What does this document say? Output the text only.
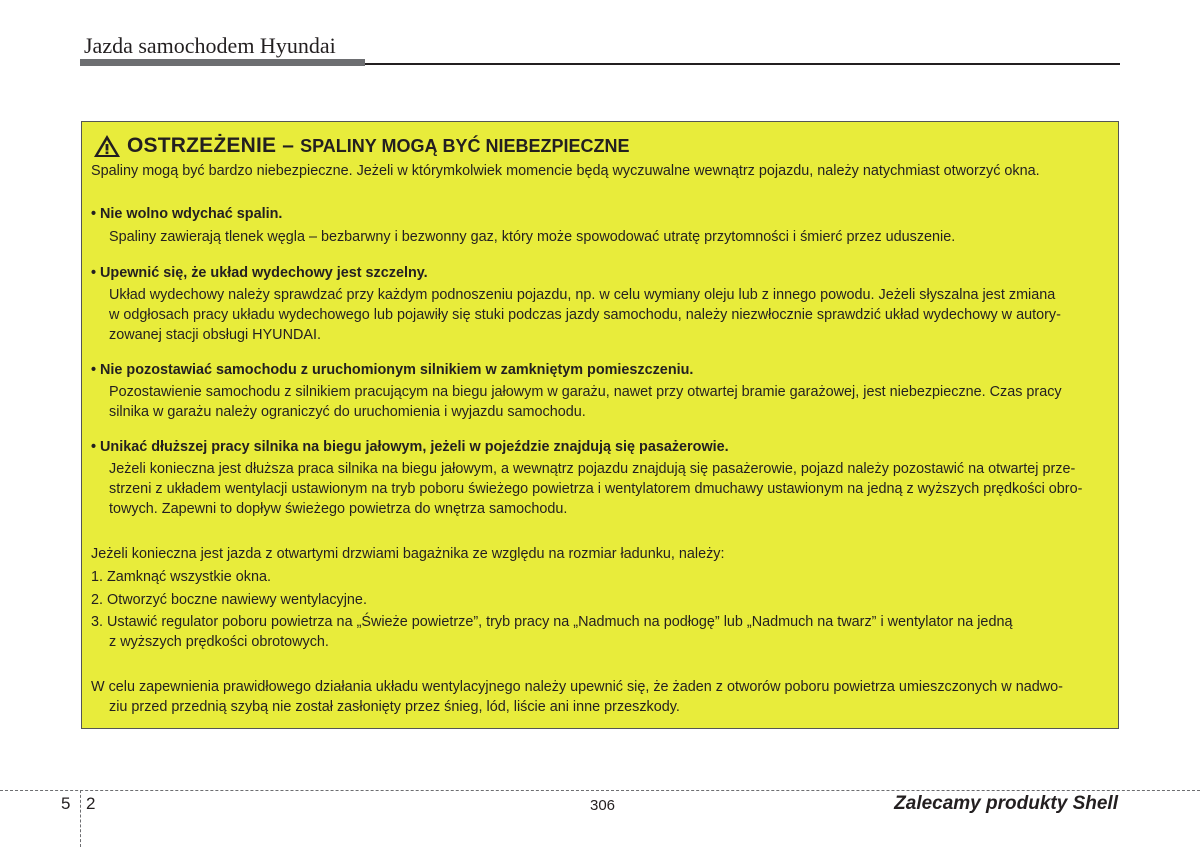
Jazda samochodem Hyundai
OSTRZEŻENIE – SPALINY MOGĄ BYĆ NIEBEZPIECZNE
Spaliny mogą być bardzo niebezpieczne. Jeżeli w którymkolwiek momencie będą wyczuwalne wewnątrz pojazdu, należy natychmiast otworzyć okna.
• Nie wolno wdychać spalin.
Spaliny zawierają tlenek węgla – bezbarwny i bezwonny gaz, który może spowodować utratę przytomności i śmierć przez uduszenie.
• Upewnić się, że układ wydechowy jest szczelny.
Układ wydechowy należy sprawdzać przy każdym podnoszeniu pojazdu, np. w celu wymiany oleju lub z innego powodu. Jeżeli słyszalna jest zmiana
w odgłosach pracy układu wydechowego lub pojawiły się stuki podczas jazdy samochodu, należy niezwłocznie sprawdzić układ wydechowy w autory-
zowanej stacji obsługi HYUNDAI.
• Nie pozostawiać samochodu z uruchomionym silnikiem w zamkniętym pomieszczeniu.
Pozostawienie samochodu z silnikiem pracującym na biegu jałowym w garażu, nawet przy otwartej bramie garażowej, jest niebezpieczne. Czas pracy
silnika w garażu należy ograniczyć do uruchomienia i wyjazdu samochodu.
• Unikać dłuższej pracy silnika na biegu jałowym, jeżeli w pojeździe znajdują się pasażerowie.
Jeżeli konieczna jest dłuższa praca silnika na biegu jałowym, a wewnątrz pojazdu znajdują się pasażerowie, pojazd należy pozostawić na otwartej prze-
strzeni z układem wentylacji ustawionym na tryb poboru świeżego powietrza i wentylatorem dmuchawy ustawionym na jedną z wyższych prędkości obro-
towych. Zapewni to dopływ świeżego powietrza do wnętrza samochodu.
Jeżeli konieczna jest jazda z otwartymi drzwiami bagażnika ze względu na rozmiar ładunku, należy:
1. Zamknąć wszystkie okna.
2. Otworzyć boczne nawiewy wentylacyjne.
3. Ustawić regulator poboru powietrza na „Świeże powietrze”, tryb pracy na „Nadmuch na podłogę” lub „Nadmuch na twarz” i wentylator na jedną
z wyższych prędkości obrotowych.
W celu zapewnienia prawidłowego działania układu wentylacyjnego należy upewnić się, że żaden z otworów poboru powietrza umieszczonych w nadwo-
ziu przed przednią szybą nie został zasłonięty przez śnieg, lód, liście ani inne przeszkody.
5 2	306	Zalecamy produkty Shell
